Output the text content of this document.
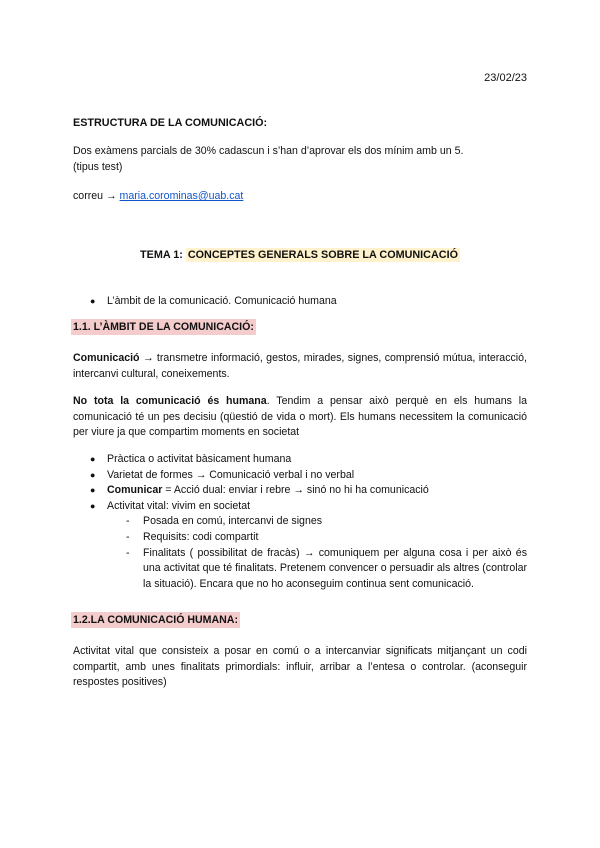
23/02/23
ESTRUCTURA DE LA COMUNICACIÓ:
Dos exàmens parcials de 30% cadascun i s’han d’aprovar els dos mínim amb un 5.
(tipus test)
correu → maria.corominas@uab.cat
TEMA 1: CONCEPTES GENERALS SOBRE LA COMUNICACIÓ
● L’àmbit de la comunicació. Comunicació humana
1.1. L’ÀMBIT DE LA COMUNICACIÓ:
Comunicació → transmetre informació, gestos, mirades, signes, comprensió mútua, interacció, intercanvi cultural, coneixements.
No tota la comunicació és humana. Tendim a pensar això perquè en els humans la comunicació té un pes decisiu (qüestió de vida o mort). Els humans necessitem la comunicació per viure ja que compartim moments en societat
● Pràctica o activitat bàsicament humana
● Varietat de formes → Comunicació verbal i no verbal
● Comunicar = Acció dual: enviar i rebre → sinó no hi ha comunicació
● Activitat vital: vivim en societat
- Posada en comú, intercanvi de signes
- Requisits: codi compartit
- Finalitats ( possibilitat de fracàs) → comuniquem per alguna cosa i per això és una activitat que té finalitats. Pretenem convencer o persuadir als altres (controlar la situació). Encara que no ho aconseguim continua sent comunicació.
1.2.LA COMUNICACIÓ HUMANA:
Activitat vital que consisteix a posar en comú o a intercanviar significats mitjançant un codi compartit, amb unes finalitats primordials: influir, arribar a l’entesa o controlar. (aconseguir respostes positives)
